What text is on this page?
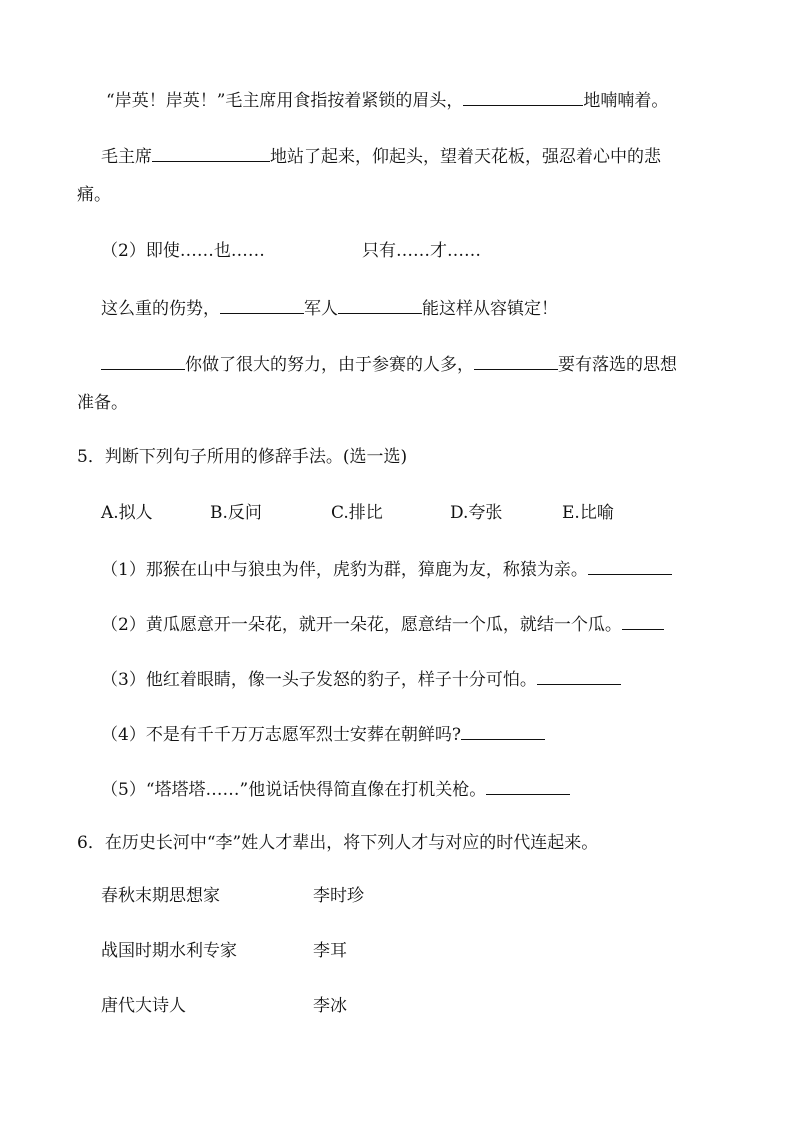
“岸英！岸英！”毛主席用食指按着紧锁的眉头，	地喃喃着。
毛主席	地站了起来，仰起头，望着天花板，强忍着心中的悲
痛。
（2）即使……也……	只有……才……
这么重的伤势，	军人	能这样从容镇定！
你做了很大的努力，由于参赛的人多，	要有落选的思想
准备。
5．判断下列句子所用的修辞手法。(选一选)
A.拟人	B.反问	C.排比	D.夸张	E.比喻
（1）那猴在山中与狼虫为伴，虎豹为群，獐鹿为友，称猿为亲。
（2）黄瓜愿意开一朵花，就开一朵花，愿意结一个瓜，就结一个瓜。
（3）他红着眼睛，像一头子发怒的豹子，样子十分可怕。
（4）不是有千千万万志愿军烈士安葬在朝鲜吗?
（5）“塔塔塔……”他说话快得简直像在打机关枪。
6．在历史长河中“李”姓人才辈出，将下列人才与对应的时代连起来。
春秋末期思想家	李时珍
战国时期水利专家	李耳
唐代大诗人	李冰
